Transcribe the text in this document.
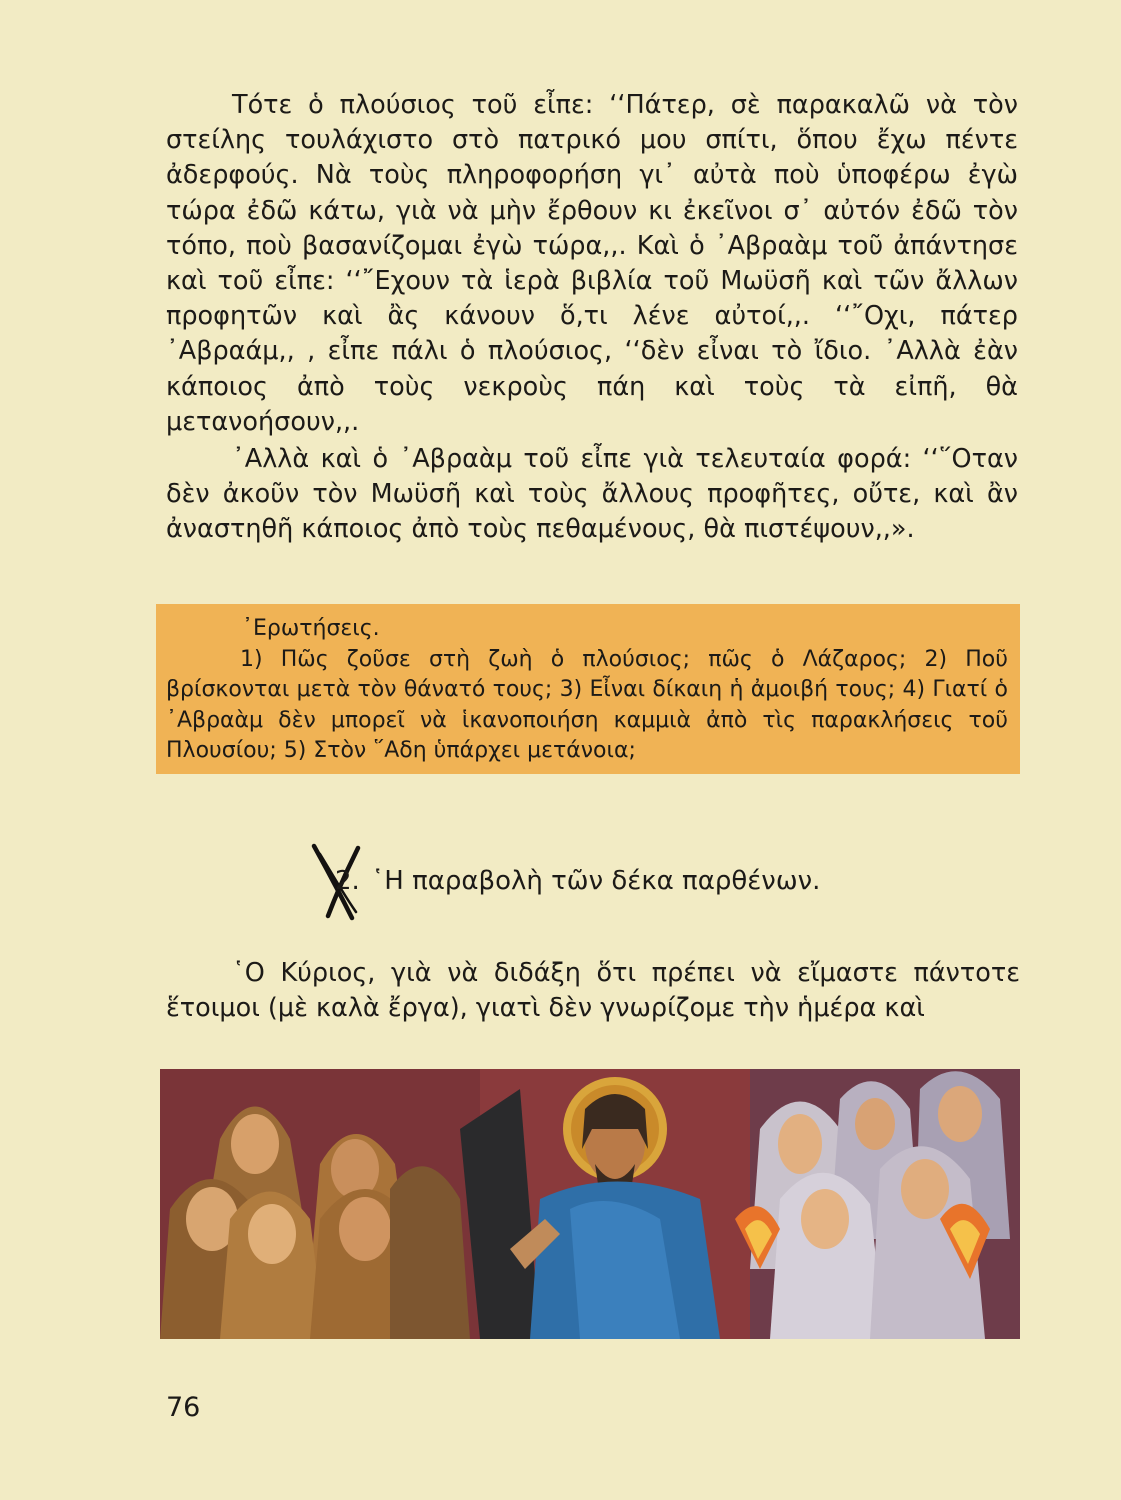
Τότε ὁ πλούσιος τοῦ εἶπε: ‘‘Πάτερ, σὲ παρακαλῶ νὰ τὸν στείλης τουλάχιστο στὸ πατρικό μου σπίτι, ὅπου ἔχω πέντε ἀδερφούς. Νὰ τοὺς πληροφορήση γι᾿ αὐτὰ ποὺ ὑποφέρω ἐγὼ τώρα ἐδῶ κάτω, γιὰ νὰ μὴν ἔρθουν κι ἐκεῖνοι σ᾿ αὐτόν ἐδῶ τὸν τόπο, ποὺ βασανίζομαι ἐγὼ τώρα,,. Καὶ ὁ ᾿Αβραὰμ τοῦ ἀπάντησε καὶ τοῦ εἶπε: ‘‘῎Εχουν τὰ ἱερὰ βιβλία τοῦ Μωϋσῆ καὶ τῶν ἄλλων προφητῶν καὶ ἂς κάνουν ὅ,τι λένε αὐτοί,,. ‘‘῎Οχι, πάτερ ᾿Αβραάμ,, , εἶπε πάλι ὁ πλούσιος, ‘‘δὲν εἶναι τὸ ἴδιο. ᾿Αλλὰ ἐὰν κάποιος ἀπὸ τοὺς νεκροὺς πάη καὶ τοὺς τὰ εἰπῆ, θὰ μετανοήσουν,,.

᾿Αλλὰ καὶ ὁ ᾿Αβραὰμ τοῦ εἶπε γιὰ τελευταία φορά: ‘‘῞Οταν δὲν ἀκοῦν τὸν Μωϋσῆ καὶ τοὺς ἄλλους προφῆτες, οὔτε, καὶ ἂν ἀναστηθῆ κάποιος ἀπὸ τοὺς πεθαμένους, θὰ πιστέψουν,,».

᾿Ερωτήσεις.

1) Πῶς ζοῦσε στὴ ζωὴ ὁ πλούσιος; πῶς ὁ Λάζαρος; 2) Ποῦ βρίσκονται μετὰ τὸν θάνατό τους; 3) Εἶναι δίκαιη ἡ ἀμοιβή τους; 4) Γιατί ὁ ᾿Αβραὰμ δὲν μπορεῖ νὰ ἱκανοποιήση καμμιὰ ἀπὸ τὶς παρακλήσεις τοῦ Πλουσίου; 5) Στὸν ῞Αδη ὑπάρχει μετάνοια;

2. ῾Η παραβολὴ τῶν δέκα παρθένων.

῾Ο Κύριος, γιὰ νὰ διδάξη ὅτι πρέπει νὰ εἴμαστε πάντοτε ἕτοιμοι (μὲ καλὰ ἔργα), γιατὶ δὲν γνωρίζομε τὴν ἡμέρα καὶ

76
